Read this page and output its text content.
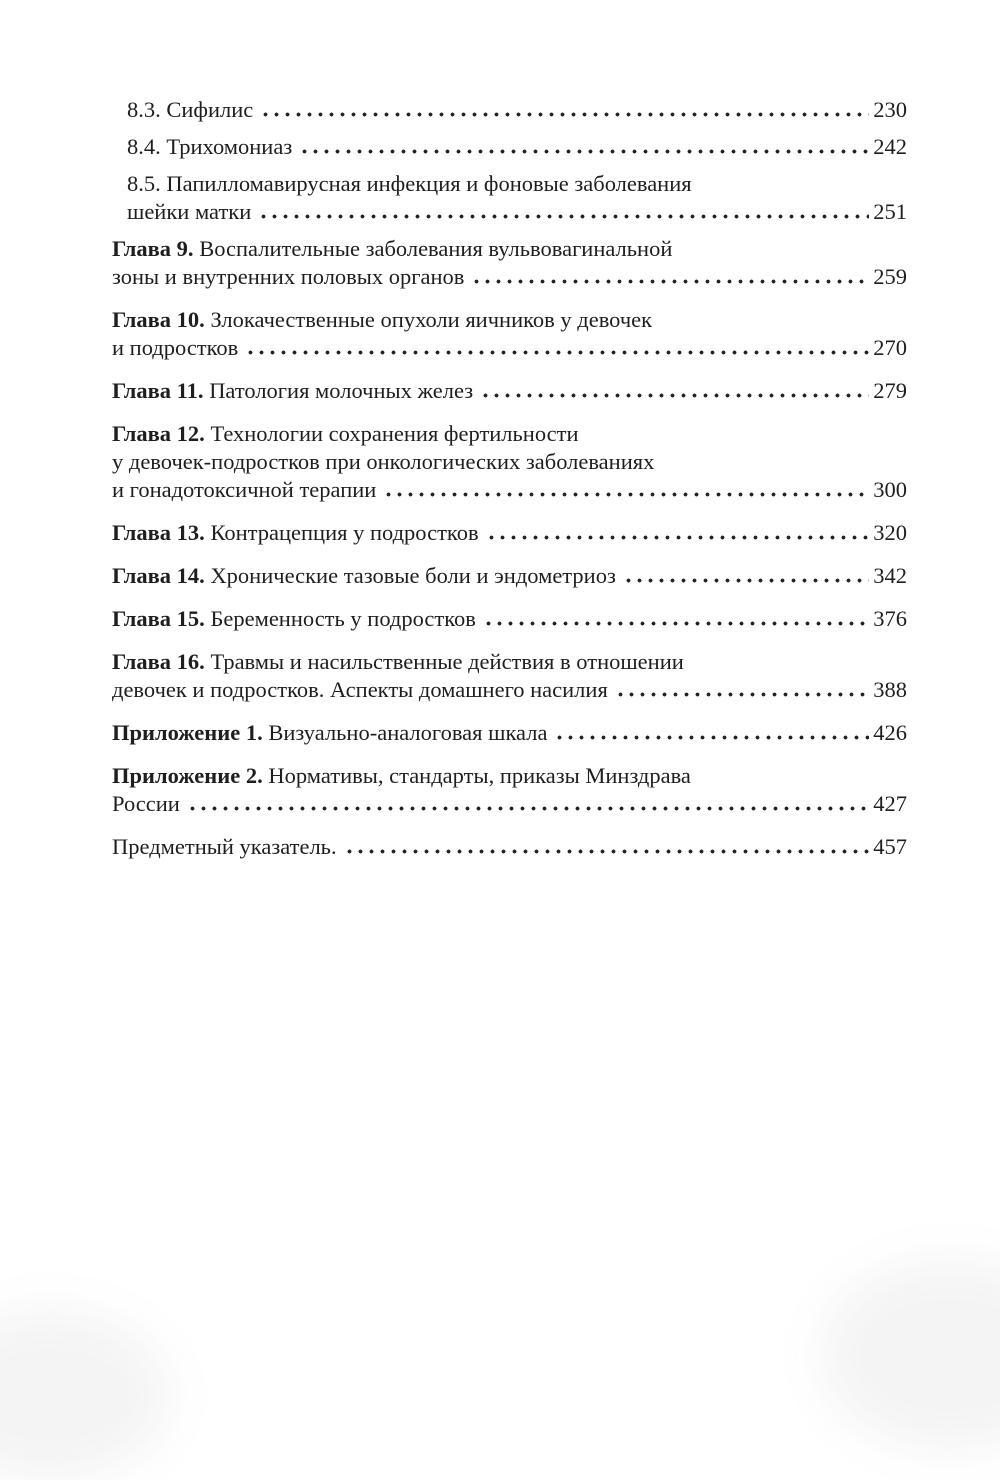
8.3. Сифилис	230
8.4. Трихомониаз	242
8.5. Папилломавирусная инфекция и фоновые заболевания
шейки матки	251
Глава 9. Воспалительные заболевания вульвовагинальной
зоны и внутренних половых органов	259
Глава 10. Злокачественные опухоли яичников у девочек
и подростков	270
Глава 11. Патология молочных желез	279
Глава 12. Технологии сохранения фертильности
у девочек-подростков при онкологических заболеваниях
и гонадотоксичной терапии	300
Глава 13. Контрацепция у подростков	320
Глава 14. Хронические тазовые боли и эндометриоз	342
Глава 15. Беременность у подростков	376
Глава 16. Травмы и насильственные действия в отношении
девочек и подростков. Аспекты домашнего насилия	388
Приложение 1. Визуально-аналоговая шкала	426
Приложение 2. Нормативы, стандарты, приказы Минздрава
России	427
Предметный указатель.	457
